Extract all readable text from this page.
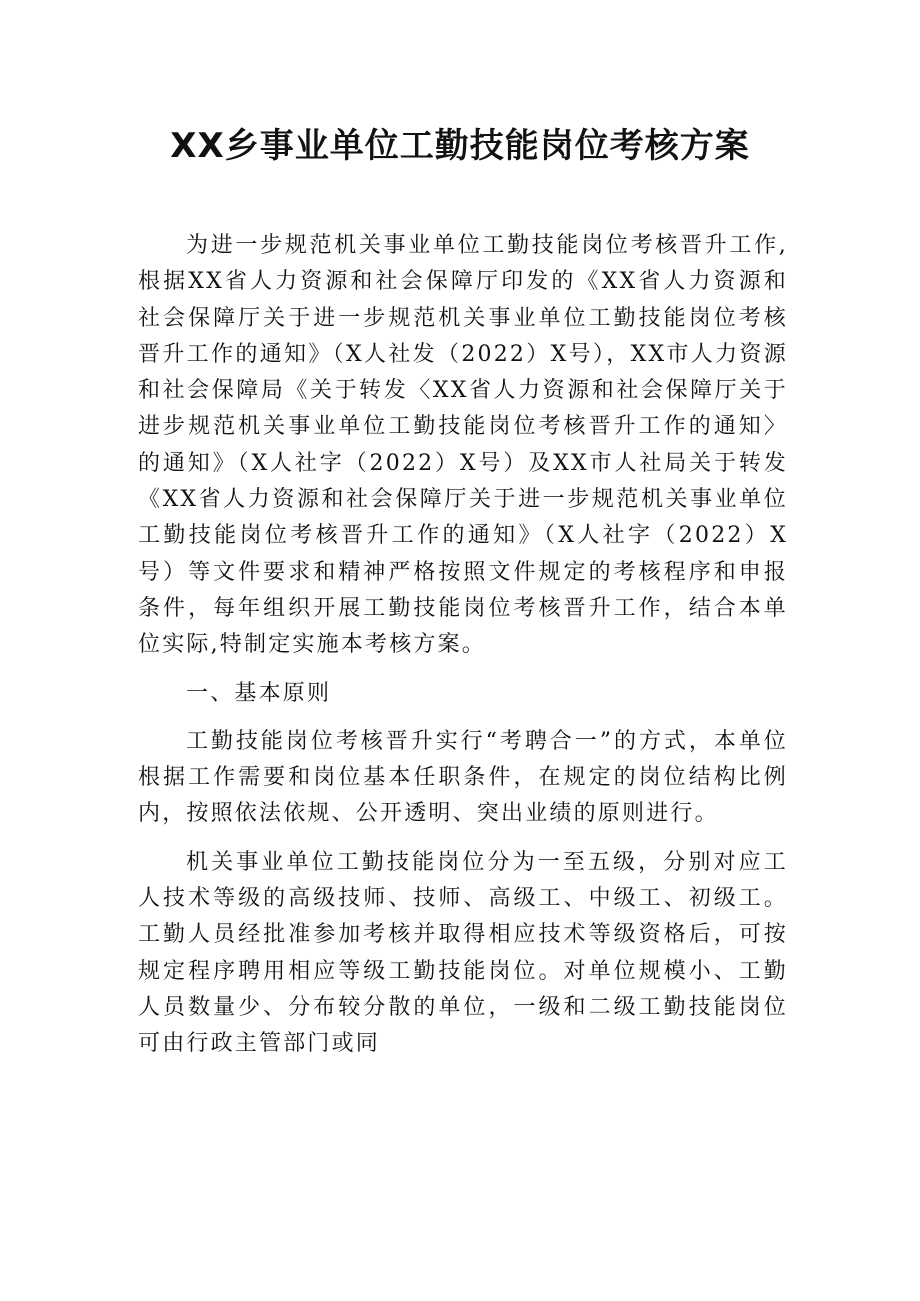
XX乡事业单位工勤技能岗位考核方案

为进一步规范机关事业单位工勤技能岗位考核晋升工作,根据XX省人力资源和社会保障厅印发的《XX省人力资源和社会保障厅关于进一步规范机关事业单位工勤技能岗位考核晋升工作的通知》（X人社发（2022）X号），XX市人力资源和社会保障局《关于转发〈XX省人力资源和社会保障厅关于进步规范机关事业单位工勤技能岗位考核晋升工作的通知〉的通知》（X人社字（2022）X号）及XX市人社局关于转发《XX省人力资源和社会保障厅关于进一步规范机关事业单位工勤技能岗位考核晋升工作的通知》（X人社字（2022）X号）等文件要求和精神严格按照文件规定的考核程序和申报条件，每年组织开展工勤技能岗位考核晋升工作，结合本单位实际,特制定实施本考核方案。

一、基本原则

工勤技能岗位考核晋升实行“考聘合一”的方式，本单位根据工作需要和岗位基本任职条件，在规定的岗位结构比例内，按照依法依规、公开透明、突出业绩的原则进行。

机关事业单位工勤技能岗位分为一至五级，分别对应工人技术等级的高级技师、技师、高级工、中级工、初级工。工勤人员经批准参加考核并取得相应技术等级资格后，可按规定程序聘用相应等级工勤技能岗位。对单位规模小、工勤人员数量少、分布较分散的单位，一级和二级工勤技能岗位可由行政主管部门或同
